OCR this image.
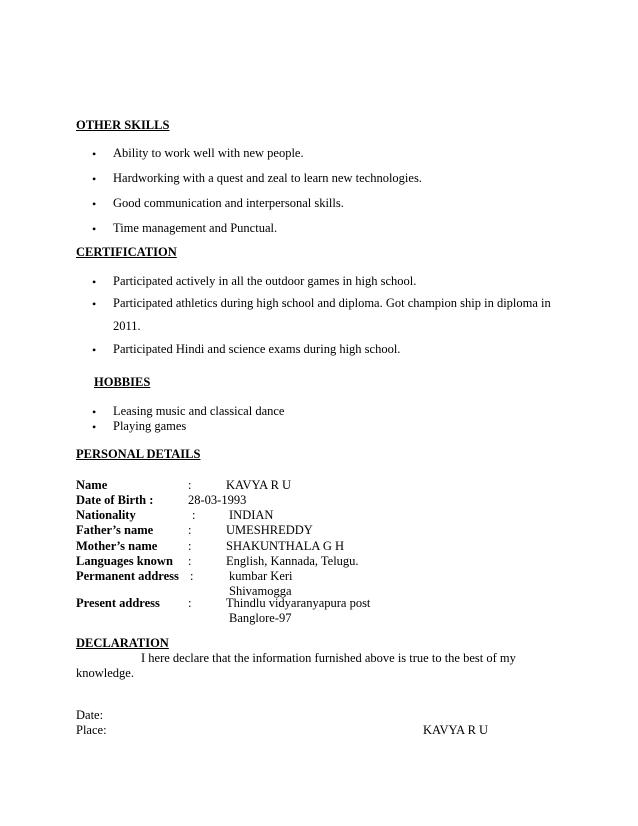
OTHER SKILLS
• Ability to work well with new people.
• Hardworking with a quest and zeal to learn new technologies.
• Good communication and interpersonal skills.
• Time management and Punctual.
CERTIFICATION
• Participated actively in all the outdoor games in high school.
• Participated athletics during high school and diploma. Got champion ship in diploma in
2011.
• Participated Hindi and science exams during high school.
HOBBIES
• Leasing music and classical dance
• Playing games
PERSONAL DETAILS
Name	:	KAVYA R U
Date of Birth :	28-03-1993
Nationality	:	INDIAN
Father’s name	:	UMESHREDDY
Mother’s name :	SHAKUNTHALA G H
Languages known :	English, Kannada, Telugu.
Permanent address :	kumbar Keri
Shivamogga
Present address :	Thindlu vidyaranyapura post
Banglore-97
DECLARATION
I here declare that the information furnished above is true to the best of my
knowledge.
Date:
Place:	KAVYA R U
